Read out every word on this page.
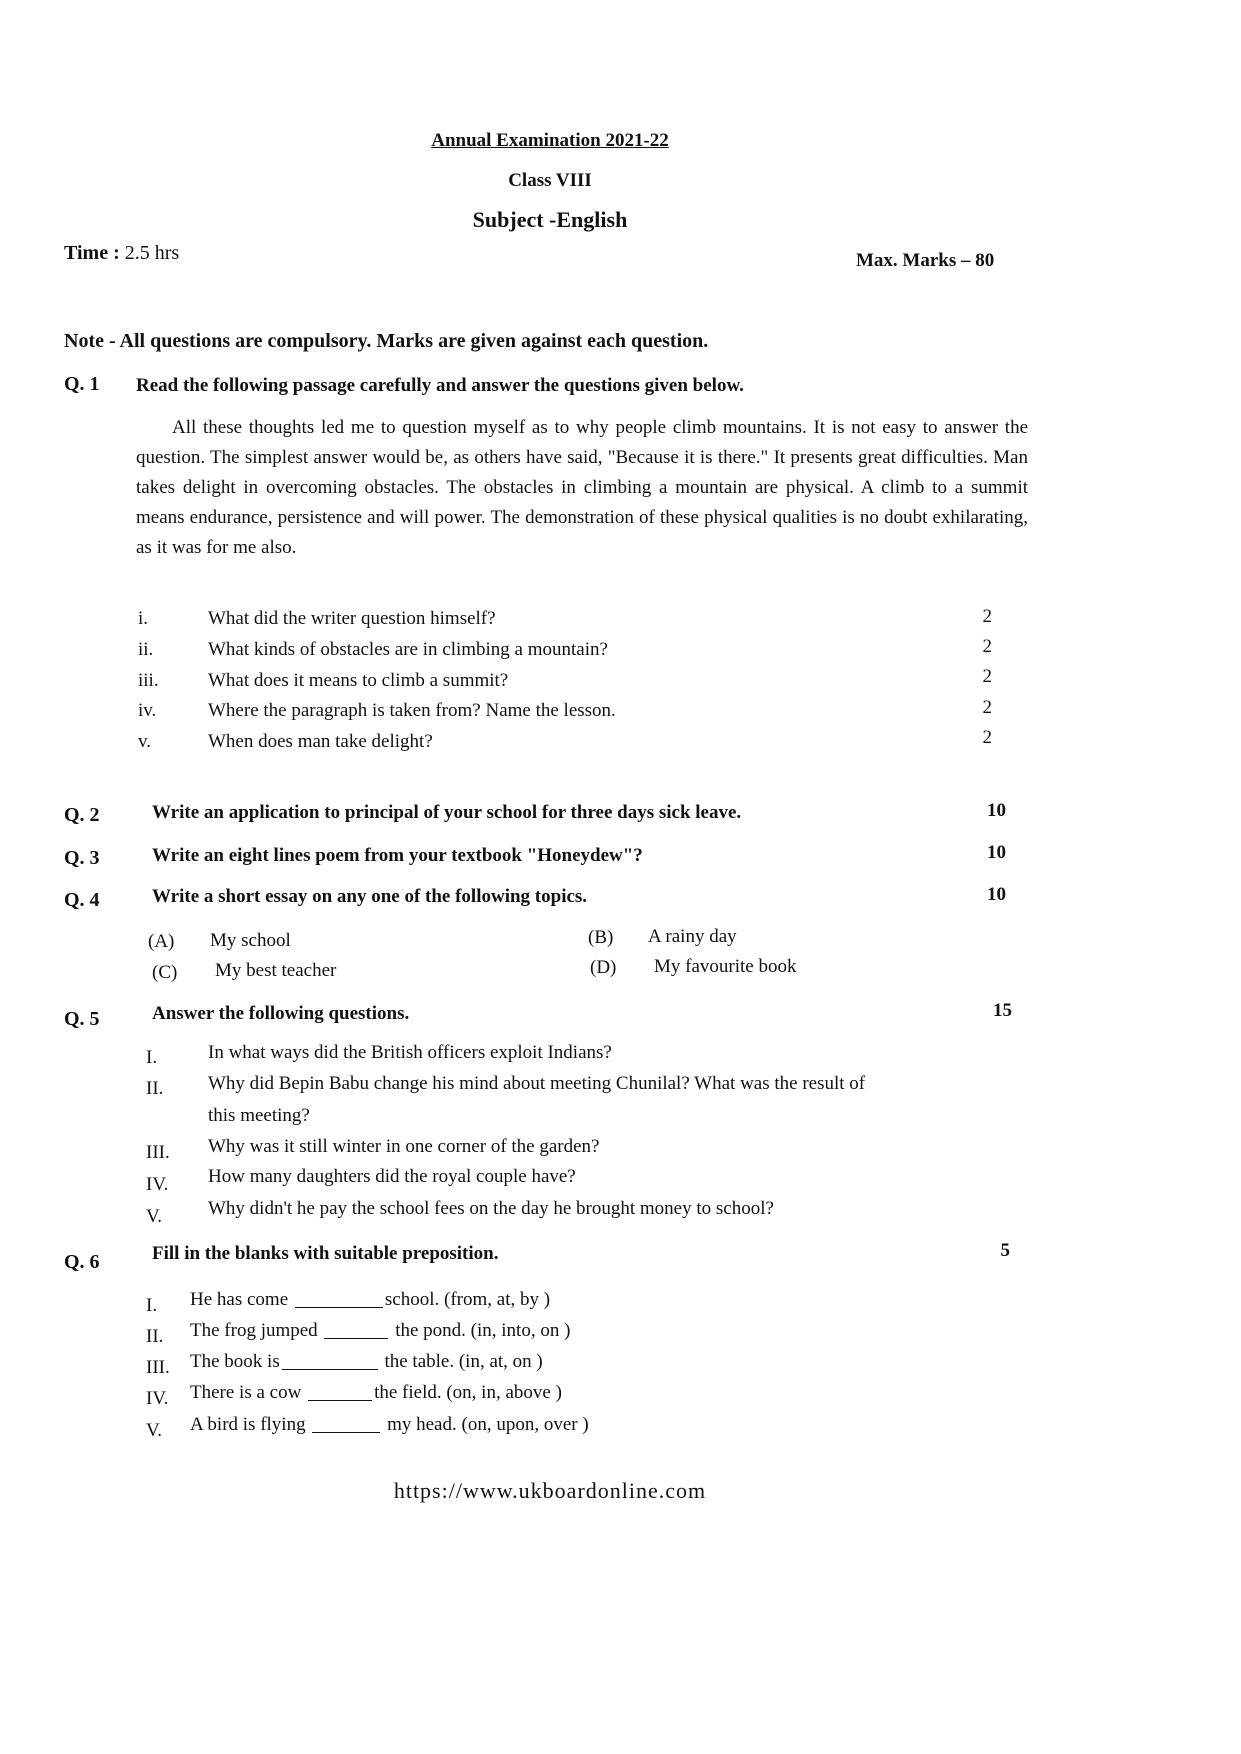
Annual Examination 2021-22
Class VIII
Subject -English
Time : 2.5 hrs	Max. Marks – 80
Note - All questions are compulsory. Marks are given against each question.
Q. 1 Read the following passage carefully and answer the questions given below.
All these thoughts led me to question myself as to why people climb mountains. It is not easy to answer the question. The simplest answer would be, as others have said, "Because it is there." It presents great difficulties. Man takes delight in overcoming obstacles. The obstacles in climbing a mountain are physical. A climb to a summit means endurance, persistence and will power. The demonstration of these physical qualities is no doubt exhilarating, as it was for me also.
i.	What did the writer question himself?	2
ii.	What kinds of obstacles are in climbing a mountain?	2
iii.	What does it means to climb a summit?	2
iv.	Where the paragraph is taken from? Name the lesson.	2
v.	When does man take delight?	2
Q. 2	Write an application to principal of your school for three days sick leave.	10
Q. 3	Write an eight lines poem from your textbook "Honeydew"?	10
Q. 4	Write a short essay on any one of the following topics.	10
(A) My school	(B) A rainy day
(C) My best teacher	(D) My favourite book
Q. 5	Answer the following questions.	15
I.	In what ways did the British officers exploit Indians?
II. Why did Bepin Babu change his mind about meeting Chunilal? What was the result of
this meeting?
III. Why was it still winter in one corner of the garden?
IV. How many daughters did the royal couple have?
V. Why didn't he pay the school fees on the day he brought money to school?
Q. 6	Fill in the blanks with suitable preposition.	5
I. He has come	school. (from, at, by )
II. The frog jumped	the pond. (in, into, on )
III. The book is	the table. (in, at, on )
IV. There is a cow	the field. (on, in, above )
V. A bird is flying	my head. (on, upon, over )
https://www.ukboardonline.com
